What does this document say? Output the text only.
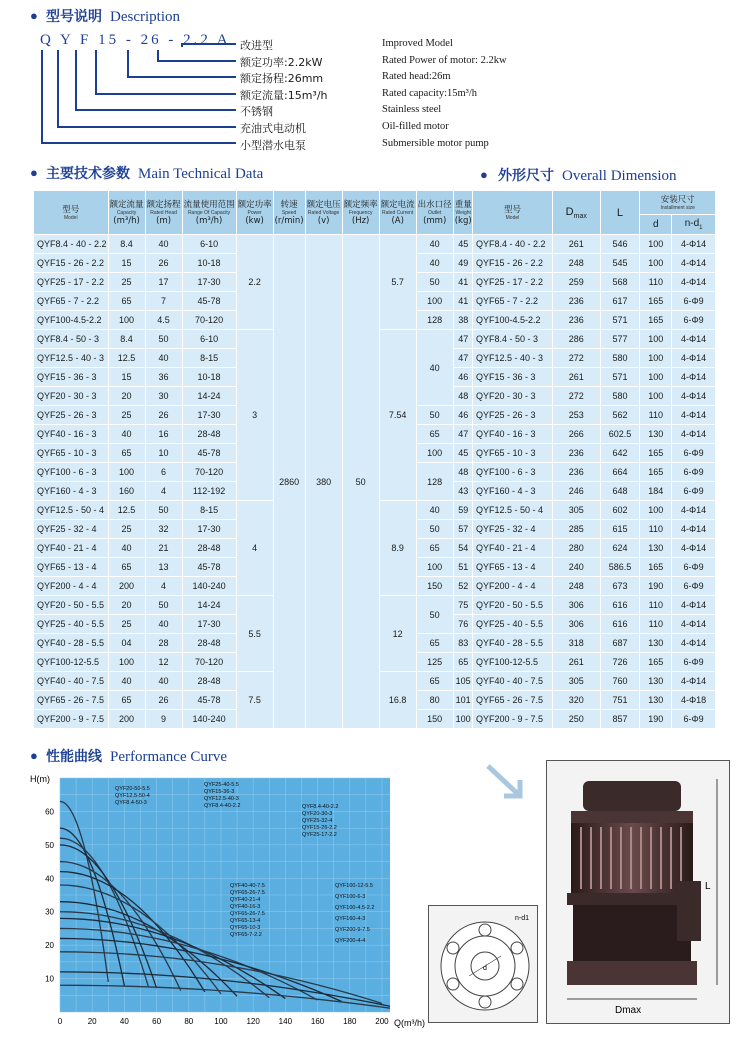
● 型号说明 Description
Q Y F 15 - 26 - 2.2 A 改进型	Improved Model
额定功率:2.2kW	Rated Power of motor: 2.2kw
额定扬程:26mm	Rated head:26m
额定流量:15m³/h	Rated capacity:15m³/h
不锈钢	Stainless steel
充油式电动机	Oil-filled motor
小型潜水电泵	Submersible motor pump
● 主要技术参数 Main Technical Data	● 外形尺寸 Overall Dimension
型号
Model	额定流量
Capacity
(m³/h)	额定扬程
Rated Head
(m)	流量使用范围
Range Of Capacity
(m³/h)	额定功率
Power
(kw)	转速
Speed
(r/min)	额定电压
Rated Voltage
(v)	额定频率
Frequency
(Hz)	额定电流
Rated Current
(A)	出水口径
Outlet
(mm)	重量
Weight
(kg)

QYF8.4 - 40 - 2.2	8.4	40	6-10	2.2	2860	380	50	5.7	40	45
QYF15 - 26 - 2.2	15	26	10-18						40	49
QYF25 - 17 - 2.2	25	17	17-30						50	41
QYF65 - 7 - 2.2	65	7	45-78						100	41
QYF100-4.5-2.2	100	4.5	70-120						128	38
QYF8.4 - 50 - 3	8.4	50	6-10	3				7.54	40	47
QYF12.5 - 40 - 3	12.5	40	8-15							47
QYF15 - 36 - 3	15	36	10-18							46
QYF20 - 30 - 3	20	30	14-24							48
QYF25 - 26 - 3	25	26	17-30						50	46
QYF40 - 16 - 3	40	16	28-48						65	47
QYF65 - 10 - 3	65	10	45-78						100	45
QYF100 - 6 - 3	100	6	70-120						128	48
QYF160 - 4 - 3	160	4	112-192							43
QYF12.5 - 50 - 4	12.5	50	8-15	4				8.9	40	59
QYF25 - 32 - 4	25	32	17-30						50	57
QYF40 - 21 - 4	40	21	28-48						65	54
QYF65 - 13 - 4	65	13	45-78						100	51
QYF200 - 4 - 4	200	4	140-240						150	52
QYF20 - 50 - 5.5	20	50	14-24	5.5				12	50	75
QYF25 - 40 - 5.5	25	40	17-30							76
QYF40 - 28 - 5.5	04	28	28-48						65	83
QYF100-12-5.5	100	12	70-120						125	65
QYF40 - 40 - 7.5	40	40	28-48	7.5				16.8	65	105
QYF65 - 26 - 7.5	65	26	45-78						80	101
QYF200 - 9 - 7.5	200	9	140-240						150	100
型号
Model	$D_{max}$	L	安装尺寸
Installment size	

			d	$n-d_1$
QYF8.4 - 40 - 2.2	261	546	100	4-Φ14
QYF15 - 26 - 2.2	248	545	100	4-Φ14
QYF25 - 17 - 2.2	259	568	110	4-Φ14
QYF65 - 7 - 2.2	236	617	165	6-Φ9
QYF100-4.5-2.2	236	571	165	6-Φ9
QYF8.4 - 50 - 3	286	577	100	4-Φ14
QYF12.5 - 40 - 3	272	580	100	4-Φ14
QYF15 - 36 - 3	261	571	100	4-Φ14
QYF20 - 30 - 3	272	580	100	4-Φ14
QYF25 - 26 - 3	253	562	110	4-Φ14
QYF40 - 16 - 3	266	602.5	130	4-Φ14
QYF65 - 10 - 3	236	642	165	6-Φ9
QYF100 - 6 - 3	236	664	165	6-Φ9
QYF160 - 4 - 3	246	648	184	6-Φ9
QYF12.5 - 50 - 4	305	602	100	4-Φ14
QYF25 - 32 - 4	285	615	110	4-Φ14
QYF40 - 21 - 4	280	624	130	4-Φ14
QYF65 - 13 - 4	240	586.5	165	6-Φ9
QYF200 - 4 - 4	248	673	190	6-Φ9
QYF20 - 50 - 5.5	306	616	110	4-Φ14
QYF25 - 40 - 5.5	306	616	110	4-Φ14
QYF40 - 28 - 5.5	318	687	130	4-Φ14
QYF100-12-5.5	261	726	165	6-Φ9
QYF40 - 40 - 7.5	305	760	130	4-Φ14
QYF65 - 26 - 7.5	320	751	130	4-Φ18
QYF200 - 9 - 7.5	250	857	190	6-Φ9
● 性能曲线 Performance Curve
0	20	40	60	80	100 120 140 160 180 200
10
20
30
40
50
60
H(m)
Q(m³/h)
QYF20-50-5.5
QYF12.5-50-4
QYF8.4-50-3
QYF25-40-5.5
QYF15-36-3
QYF12.5-40-3
QYF8.4-40-2.2	QYF8.4-40-2.2
QYF20-30-3
QYF25-32-4
QYF15-26-2.2
QYF25-17-2.2
QYF40-40-7.5
QYF65-26-7.5
QYF40-21-4
QYF40-16-3
QYF65-26-7.5
QYF65-13-4
QYF65-10-3
QYF65-7-2.2
QYF100-12-5.5
QYF100-6-3
QYF100-4.5-2.2
QYF160-4-3
QYF200-9-7.5
QYF200-4-4
n-d1
d
L
Dmax
